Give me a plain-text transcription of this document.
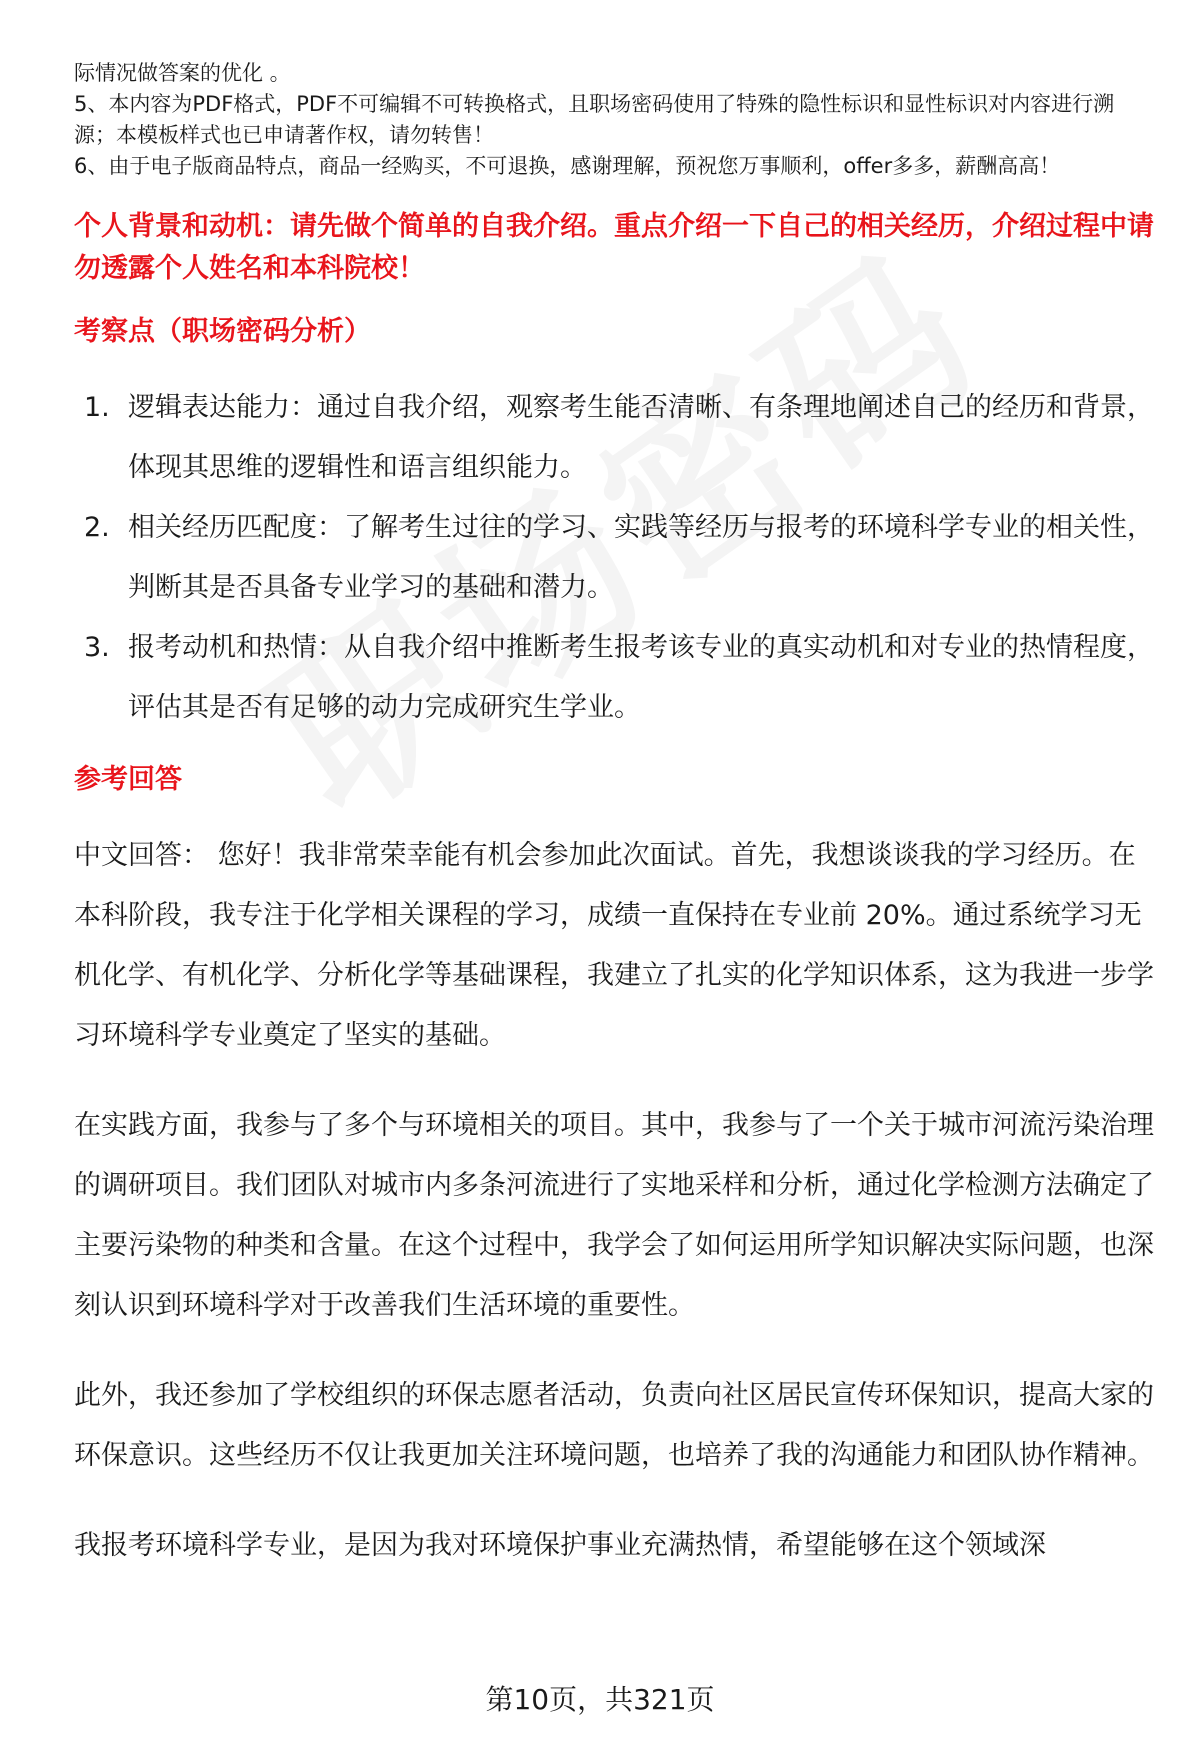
际情况做答案的优化 。

5、本内容为PDF格式，PDF不可编辑不可转换格式，且职场密码使用了特殊的隐性标识和显性标识对内容进行溯源；本模板样式也已申请著作权，请勿转售！

6、由于电子版商品特点，商品一经购买，不可退换，感谢理解，预祝您万事顺利，offer多多，薪酬高高！

个人背景和动机：请先做个简单的自我介绍。重点介绍一下自己的相关经历，介绍过程中请勿透露个人姓名和本科院校！

考察点（职场密码分析）

1. 逻辑表达能力：通过自我介绍，观察考生能否清晰、有条理地阐述自己的经历和背景，体现其思维的逻辑性和语言组织能力。
2. 相关经历匹配度：了解考生过往的学习、实践等经历与报考的环境科学专业的相关性，判断其是否具备专业学习的基础和潜力。
3. 报考动机和热情：从自我介绍中推断考生报考该专业的真实动机和对专业的热情程度，评估其是否有足够的动力完成研究生学业。

参考回答

中文回答： 您好！我非常荣幸能有机会参加此次面试。首先，我想谈谈我的学习经历。在本科阶段，我专注于化学相关课程的学习，成绩一直保持在专业前 20%。通过系统学习无机化学、有机化学、分析化学等基础课程，我建立了扎实的化学知识体系，这为我进一步学习环境科学专业奠定了坚实的基础。

在实践方面，我参与了多个与环境相关的项目。其中，我参与了一个关于城市河流污染治理的调研项目。我们团队对城市内多条河流进行了实地采样和分析，通过化学检测方法确定了主要污染物的种类和含量。在这个过程中，我学会了如何运用所学知识解决实际问题，也深刻认识到环境科学对于改善我们生活环境的重要性。

此外，我还参加了学校组织的环保志愿者活动，负责向社区居民宣传环保知识，提高大家的环保意识。这些经历不仅让我更加关注环境问题，也培养了我的沟通能力和团队协作精神。

我报考环境科学专业，是因为我对环境保护事业充满热情，希望能够在这个领域深

第10页，共321页
